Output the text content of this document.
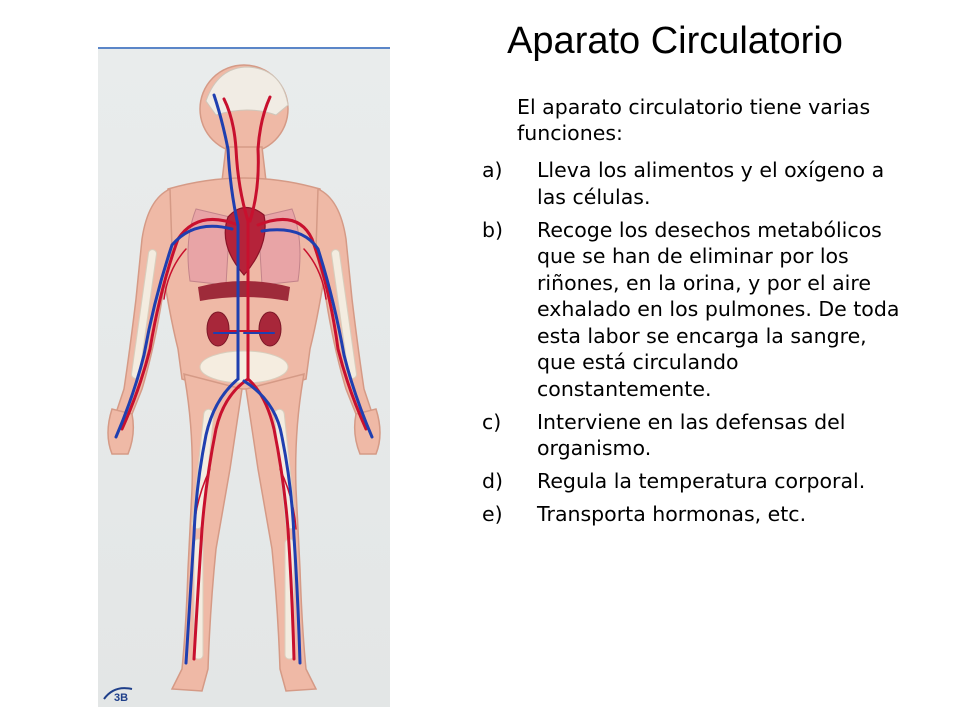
3B
Aparato Circulatorio
El aparato circulatorio tiene varias funciones:
a) Lleva los alimentos y el oxígeno a las células.
b) Recoge los desechos metabólicos que se han de eliminar por los riñones, en la orina, y por el aire exhalado en los pulmones. De toda esta labor se encarga la sangre, que está circulando constantemente.
c) Interviene en las defensas del organismo.
d) Regula la temperatura corporal.
e) Transporta hormonas, etc.
